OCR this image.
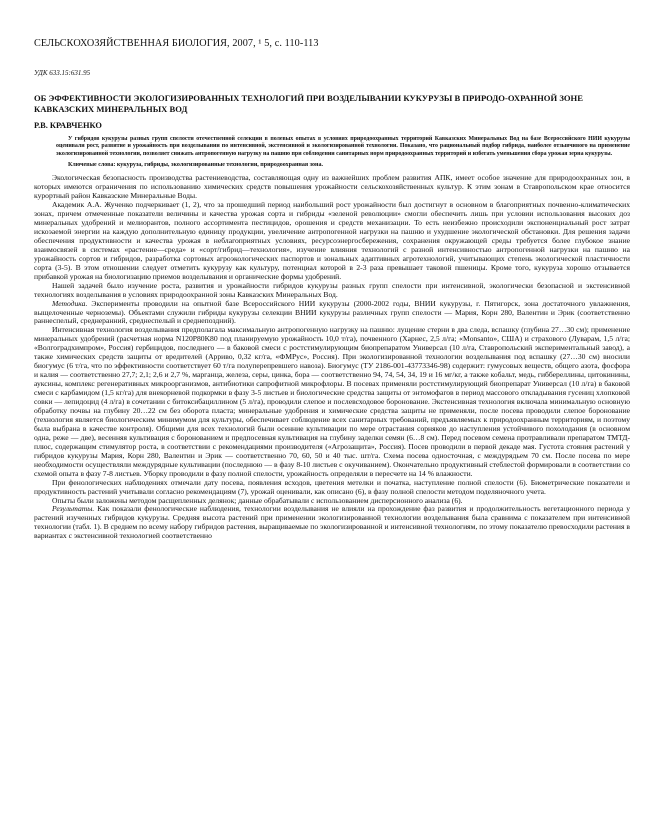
СЕЛЬСКОХОЗЯЙСТВЕННАЯ БИОЛОГИЯ, 2007, ¹ 5, с. 110-113
УДК 633.15:631.95
ОБ ЭФФЕКТИВНОСТИ ЭКОЛОГИЗИРОВАННЫХ ТЕХНОЛОГИЙ ПРИ ВОЗДЕЛЫВАНИИ КУКУРУЗЫ В ПРИРОДО-ОХРАННОЙ ЗОНЕ КАВКАЗСКИХ МИНЕРАЛЬНЫХ ВОД
Р.В. КРАВЧЕНКО
У гибридов кукурузы разных групп спелости отечественной селекции в полевых опытах в условиях природоохранных территорий Кавказских Минеральных Вод на базе Всероссийского НИИ кукурузы оценивали рост, развитие и урожайность при возделывании по интенсивной, экстенсивной и экологизированной технологии. Показано, что рациональный подбор гибрида, наиболее отзывчивого на применение экологизированной технологии, позволяет снижать антропогенную нагрузку на пашню при соблюдении санитарных норм природоохранных территорий и избегать уменьшения сбора урожая зерна кукурузы.
Ключевые слова: кукуруза, гибриды, экологизированные технологии, природоохранная зона.

Экологическая безопасность производства растениеводства, составляющая одну из важнейших проблем развития АПК, имеет особое значение для природоохранных зон, в которых имеются ограничения по использованию химических средств повышения урожайности сельскохозяйственных культур. К этим зонам в Ставропольском крае относится курортный район Кавказские Минеральные Воды.

Академик А.А. Жученко подчеркивает (1, 2), что за прошедший период наибольший рост урожайности был достигнут в основном в благоприятных почвенно-климатических зонах, причем отмеченные показатели величины и качества урожая сорта и гибриды «зеленой революции» смогли обеспечить лишь при условии использования высоких доз минеральных удобрений и мелиорантов, полного ассортимента пестицидов, орошения и средств механизации. То есть неизбежно происходили экспоненциальный рост затрат искоэаемой энергии на каждую дополнительную единицу продукции, увеличение антропогенной нагрузки на пашню и ухудшение экологической обстановки. Для решения задачи обеспечения продуктивности и качества урожая в неблагоприятных условиях, ресурсоэнергосбережения, сохранения окружающей среды требуется более глубокое знание взаимосвязей в системах «растение—среда» и «сорт/гибрид—технология», изучение влияния технологий с разной интенсивностью антропогенной нагрузки на пашню на урожайность сортов и гибридов, разработка сортовых агроэкологических паспортов и зональных адаптивных агротехнологий, учитывающих степень экологической пластичности сорта (3-5). В этом отношении следует отметить кукурузу как культуру, потенциал которой в 2-3 раза превышает таковой пшеницы. Кроме того, кукуруза хорошо отзывается прибавкой урожая на биологизацию приемов возделывания и органические формы удобрений.

Нашей задачей было изучение роста, развития и урожайности гибридов кукурузы разных групп спелости при интенсивной, экологически безопасной и экстенсивной технологиях возделывания в условиях природоохранной зоны Кавказских Минеральных Вод.

Методика. Эксперименты проводили на опытной базе Всероссийского НИИ кукурузы (2000-2002 годы, ВНИИ кукурузы, г. Пятигорск, зона достаточного увлажнения, выщелоченные черноземы). Объектами служили гибриды кукурузы селекции ВНИИ кукурузы различных групп спелости — Мария, Корн 280, Валентин и Эрик (соответственно раннеспелый, среднеранний, среднеспелый и среднепоздний).

Интенсивная технология возделывания предполагала максимальную антропогенную нагрузку на пашню: лущение стерни в два следа, вспашку (глубина 27…30 см); применение минеральных удобрений (расчетная норма N120P80K80 под планируемую урожайность 10,0 т/га), почвенного (Харнес, 2,5 л/га; «Monsanto», США) и страхового (Луварам, 1,5 л/га; «Волгоградхимпром», Россия) гербицидов, последнего — в баковой смеси с ростстимулирующим биопрепаратом Универсал (10 л/га, Ставропольский экспериментальный завод), а также химических средств защиты от вредителей (Арриво, 0,32 кг/га, «ФМРус», Россия). При экологизированной технологии возделывания под вспашку (27…30 см) вносили биогумус (6 т/га, что по эффективности соответствует 60 т/га полуперепревшего навоза). Биогумус (ТУ 2186-001-43773346-98) содержит: гумусовых веществ, общего азота, фосфора и калия — соответственно 27,7; 2,1; 2,6 и 2,7 %, марганца, железа, серы, цинка, бора — соответственно 94, 74, 54, 34, 19 и 16 мг/кг, а также кобальт, медь, гиббереллины, цитокинины, ауксины, комплекс регенеративных микроорганизмов, антибиотики сапрофитной микрофлоры. В посевах применяли ростстимулирующий биопрепарат Универсал (10 л/га) в баковой смеси с карбамидом (1,5 кг/га) для внекорневой подкормки в фазу 3-5 листьев и биологические средства защиты от энтомофагов в период массового откладывания гусениц хлопковой совки — лепидоцид (4 л/га) в сочетании с битоксибациллином (5 л/га), проводили слепое и послевсходовое боронование. Экстенсивная технология включала минимальную основную обработку почвы на глубину 20…22 см без оборота пласта; минеральные удобрения и химические средства защиты не применяли, после посева проводили слепое боронование (технология является биологическим минимумом для культуры, обеспечивает соблюдение всех санитарных требований, предъявляемых к природоохранным территориям, и поэтому была выбрана в качестве контроля). Общими для всех технологий были осенние культивации по мере отрастания сорняков до наступления устойчивого похолодания (в основном одна, реже — две), весенняя культивация с боронованием и предпосевная культивация на глубину заделки семян (6…8 см). Перед посевом семена протравливали препаратом ТМТД-плюс, содержащим стимулятор роста, в соответствии с рекомендациями производителя («Агрозащита», Россия). Посев проводили в первой декаде мая. Густота стояния растений у гибридов кукурузы Мария, Корн 280, Валентин и Эрик — соответственно 70, 60, 50 и 40 тыс. шт/га. Схема посева односточная, с междурядьем 70 см. После посева по мере необходимости осуществляли междурядные культивации (последнюю — в фазу 8-10 листьев с окучиванием). Окончательно продуктивный стеблестой формировали в соответствии со схемой опыта в фазу 7-8 листьев. Уборку проводили в фазу полной спелости, урожайность определяли в пересчете на 14 % влажности.

При фенологических наблюдениях отмечали дату посева, появления всходов, цветения метелки и початка, наступление полной спелости (6). Биометрические показатели и продуктивность растений учитывали согласно рекомендациям (7), урожай оценивали, как описано (6), в фазу полной спелости методом поделяночного учета.

Опыты были заложены методом расщепленных делянок; данные обрабатывали с использованием дисперсионного анализа (6).

Результаты. Как показали фенологические наблюдения, технологии возделывания не влияли на прохождение фаз развития и продолжительность вегетационного периода у растений изученных гибридов кукурузы. Средняя высота растений при применении экологизированной технологии возделывания была сравнима с показателем при интенсивной технологии (табл. 1). В среднем по всему набору гибридов растения, выращиваемые по экологизированной и интенсивной технологиям, по этому показателю превосходили растения в вариантах с экстенсивной технологией соответственно
